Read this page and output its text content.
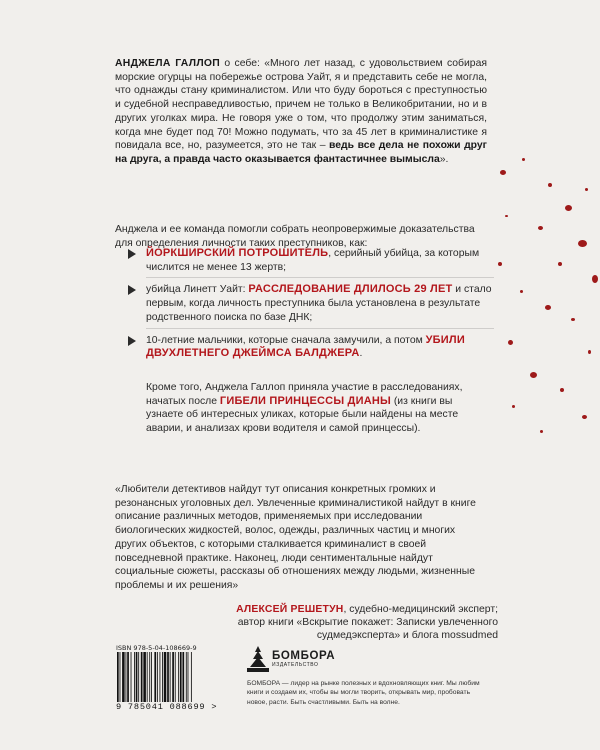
АНДЖЕЛА ГАЛЛОП о себе: «Много лет назад, с удовольствием собирая морские огурцы на побережье острова Уайт, я и представить себе не могла, что однажды стану криминалистом. Или что буду бороться с преступностью и судебной несправедливостью, причем не только в Великобритании, но и в других уголках мира. Не говоря уже о том, что продолжу этим заниматься, когда мне будет под 70! Можно подумать, что за 45 лет в криминалистике я повидала все, но, разумеется, это не так – ведь все дела не похожи друг на друга, а правда часто оказывается фантастичнее вымысла».
Анджела и ее команда помогли собрать неопровержимые доказательства для определения личности таких преступников, как:
ЙОРКШИРСКИЙ ПОТРОШИТЕЛЬ, серийный убийца, за которым числится не менее 13 жертв;
убийца Линетт Уайт: РАССЛЕДОВАНИЕ ДЛИЛОСЬ 29 ЛЕТ и стало первым, когда личность преступника была установлена в результате родственного поиска по базе ДНК;
10-летние мальчики, которые сначала замучили, а потом УБИЛИ ДВУХЛЕТНЕГО ДЖЕЙМСА БАЛДЖЕРА.
Кроме того, Анджела Галлоп приняла участие в расследованиях, начатых после ГИБЕЛИ ПРИНЦЕССЫ ДИАНЫ (из книги вы узнаете об интересных уликах, которые были найдены на месте аварии, и анализах крови водителя и самой принцессы).
«Любители детективов найдут тут описания конкретных громких и резонансных уголовных дел. Увлеченные криминалистикой найдут в книге описание различных методов, применяемых при исследовании биологических жидкостей, волос, одежды, различных частиц и многих других объектов, с которыми сталкивается криминалист в своей повседневной практике. Наконец, люди сентиментальные найдут социальные сюжеты, рассказы об отношениях между людьми, жизненные проблемы и их решения»
АЛЕКСЕЙ РЕШЕТУН, судебно-медицинский эксперт;
автор книги «Вскрытие покажет: Записки увлеченного
судмедэксперта» и блога mossudmed
ISBN 978-5-04-108669-9
9 785041 088699 >
БОМБОРА
ИЗДАТЕЛЬСТВО
БОМБОРА — лидер на рынке полезных и вдохновляющих книг. Мы любим книги и создаем их, чтобы вы могли творить, открывать мир, пробовать новое, расти. Быть счастливыми. Быть на волне.
